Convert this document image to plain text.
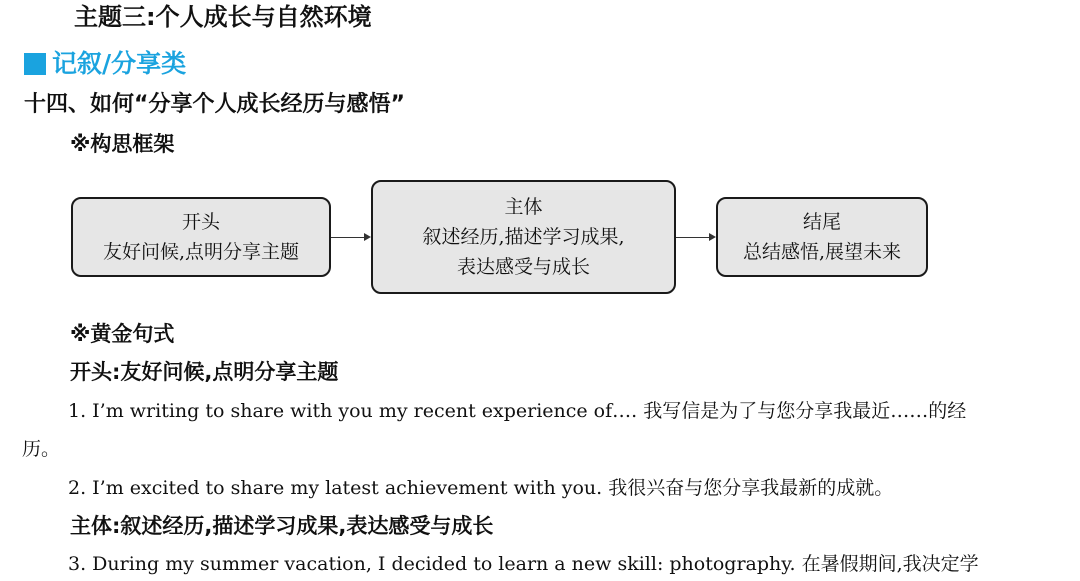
主题三:个人成长与自然环境
记叙/分享类
十四、如何“分享个人成长经历与感悟”
※构思框架
开头
友好问候,点明分享主题
主体
叙述经历,描述学习成果,
表达感受与成长
结尾
总结感悟,展望未来
※黄金句式
开头:友好问候,点明分享主题
1. I’m writing to share with you my recent experience of…. 我写信是为了与您分享我最近……的经
历。
2. I’m excited to share my latest achievement with you. 我很兴奋与您分享我最新的成就。
主体:叙述经历,描述学习成果,表达感受与成长
3. During my summer vacation, I decided to learn a new skill: photography. 在暑假期间,我决定学
